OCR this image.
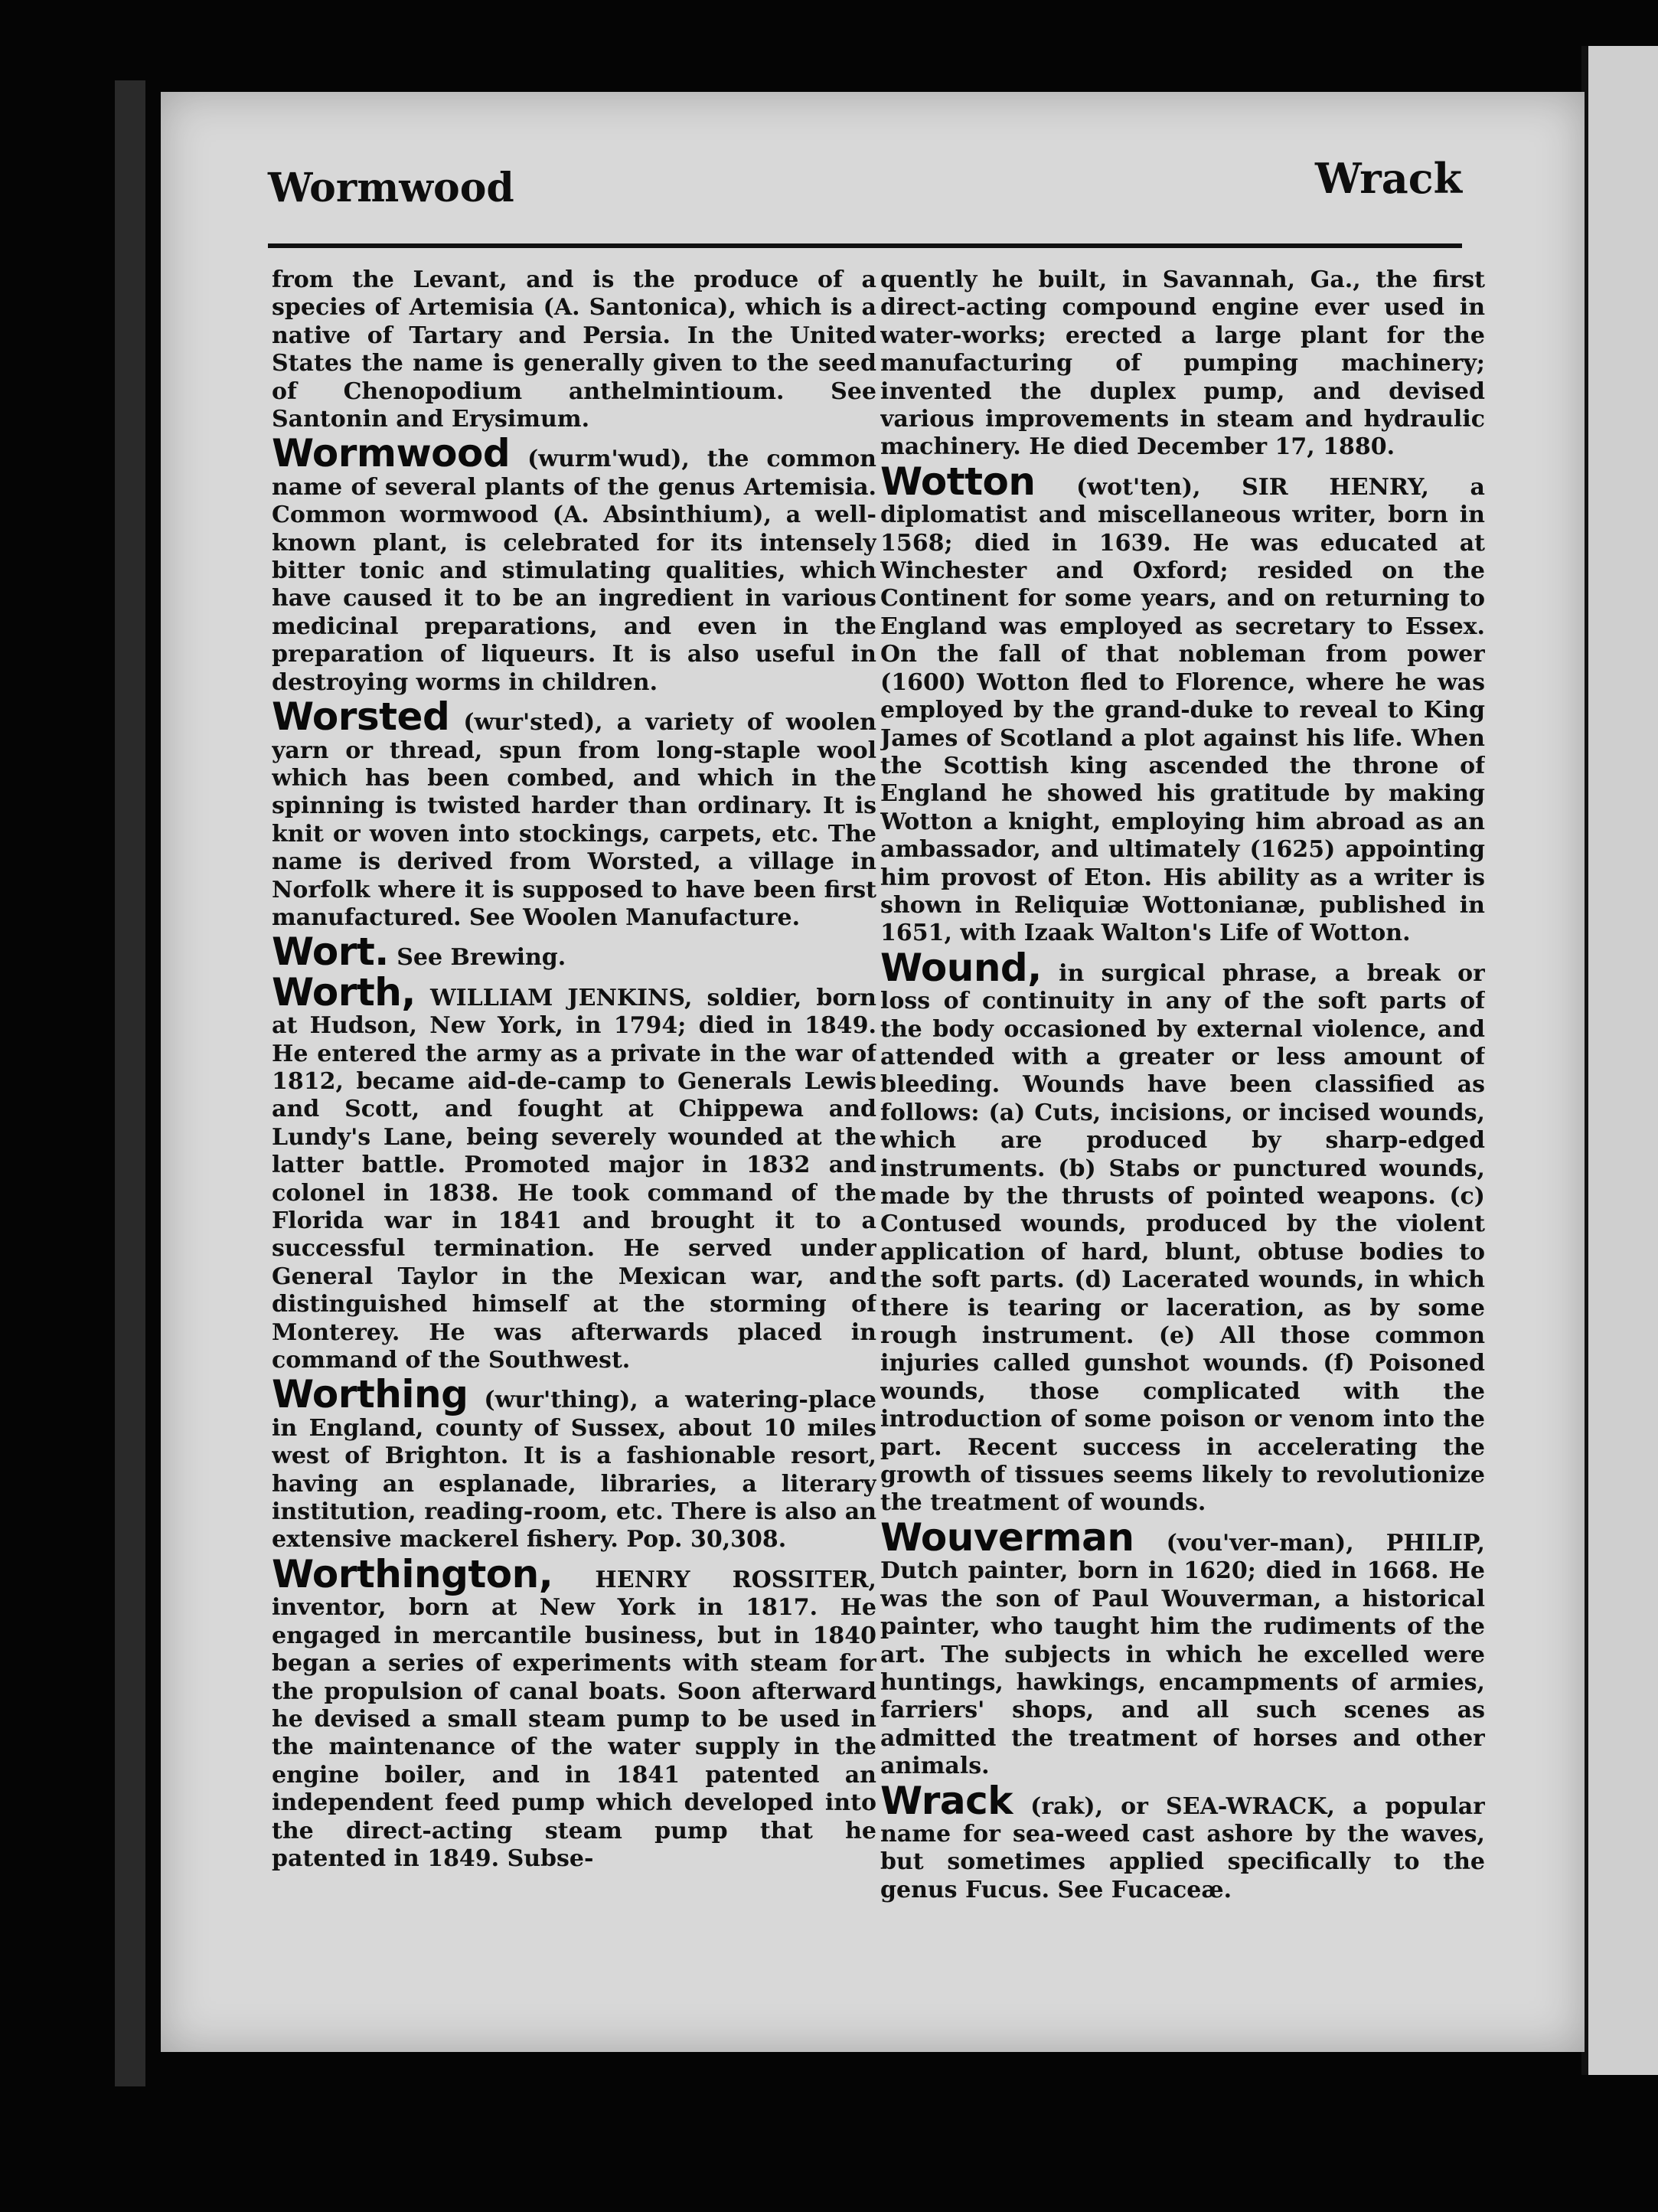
Wormwood	Wrack

from the Levant, and is the produce of a species of Artemisia (A. Santonica), which is a native of Tartary and Persia. In the United States the name is generally given to the seed of Chenopodium anthelmintioum. See Santonin and Erysimum.

Wormwood (wurm'wud), the common name of several plants of the genus Artemisia. Common wormwood (A. Absinthium), a well-known plant, is celebrated for its intensely bitter tonic and stimulating qualities, which have caused it to be an ingredient in various medicinal preparations, and even in the preparation of liqueurs. It is also useful in destroying worms in children.

Worsted (wur'sted), a variety of woolen yarn or thread, spun from long-staple wool which has been combed, and which in the spinning is twisted harder than ordinary. It is knit or woven into stockings, carpets, etc. The name is derived from Worsted, a village in Norfolk where it is supposed to have been first manufactured. See Woolen Manufacture.

Wort. See Brewing.

Worth, WILLIAM JENKINS, soldier, born at Hudson, New York, in 1794; died in 1849. He entered the army as a private in the war of 1812, became aid-de-camp to Generals Lewis and Scott, and fought at Chippewa and Lundy's Lane, being severely wounded at the latter battle. Promoted major in 1832 and colonel in 1838. He took command of the Florida war in 1841 and brought it to a successful termination. He served under General Taylor in the Mexican war, and distinguished himself at the storming of Monterey. He was afterwards placed in command of the Southwest.

Worthing (wur'thing), a watering-place in England, county of Sussex, about 10 miles west of Brighton. It is a fashionable resort, having an esplanade, libraries, a literary institution, reading-room, etc. There is also an extensive mackerel fishery. Pop. 30,308.

Worthington, HENRY ROSSITER, inventor, born at New York in 1817. He engaged in mercantile business, but in 1840 began a series of experiments with steam for the propulsion of canal boats. Soon afterward he devised a small steam pump to be used in the maintenance of the water supply in the engine boiler, and in 1841 patented an independent feed pump which developed into the direct-acting steam pump that he patented in 1849. Subse-

quently he built, in Savannah, Ga., the first direct-acting compound engine ever used in water-works; erected a large plant for the manufacturing of pumping machinery; invented the duplex pump, and devised various improvements in steam and hydraulic machinery. He died December 17, 1880.

Wotton (wot'ten), SIR HENRY, a diplomatist and miscellaneous writer, born in 1568; died in 1639. He was educated at Winchester and Oxford; resided on the Continent for some years, and on returning to England was employed as secretary to Essex. On the fall of that nobleman from power (1600) Wotton fled to Florence, where he was employed by the grand-duke to reveal to King James of Scotland a plot against his life. When the Scottish king ascended the throne of England he showed his gratitude by making Wotton a knight, employing him abroad as an ambassador, and ultimately (1625) appointing him provost of Eton. His ability as a writer is shown in Reliquiæ Wottonianæ, published in 1651, with Izaak Walton's Life of Wotton.

Wound, in surgical phrase, a break or loss of continuity in any of the soft parts of the body occasioned by external violence, and attended with a greater or less amount of bleeding. Wounds have been classified as follows: (a) Cuts, incisions, or incised wounds, which are produced by sharp-edged instruments. (b) Stabs or punctured wounds, made by the thrusts of pointed weapons. (c) Contused wounds, produced by the violent application of hard, blunt, obtuse bodies to the soft parts. (d) Lacerated wounds, in which there is tearing or laceration, as by some rough instrument. (e) All those common injuries called gunshot wounds. (f) Poisoned wounds, those complicated with the introduction of some poison or venom into the part. Recent success in accelerating the growth of tissues seems likely to revolutionize the treatment of wounds.

Wouverman (vou'ver-man), PHILIP, Dutch painter, born in 1620; died in 1668. He was the son of Paul Wouverman, a historical painter, who taught him the rudiments of the art. The subjects in which he excelled were huntings, hawkings, encampments of armies, farriers' shops, and all such scenes as admitted the treatment of horses and other animals.

Wrack (rak), or SEA-WRACK, a popular name for sea-weed cast ashore by the waves, but sometimes applied specifically to the genus Fucus. See Fucaceæ.
